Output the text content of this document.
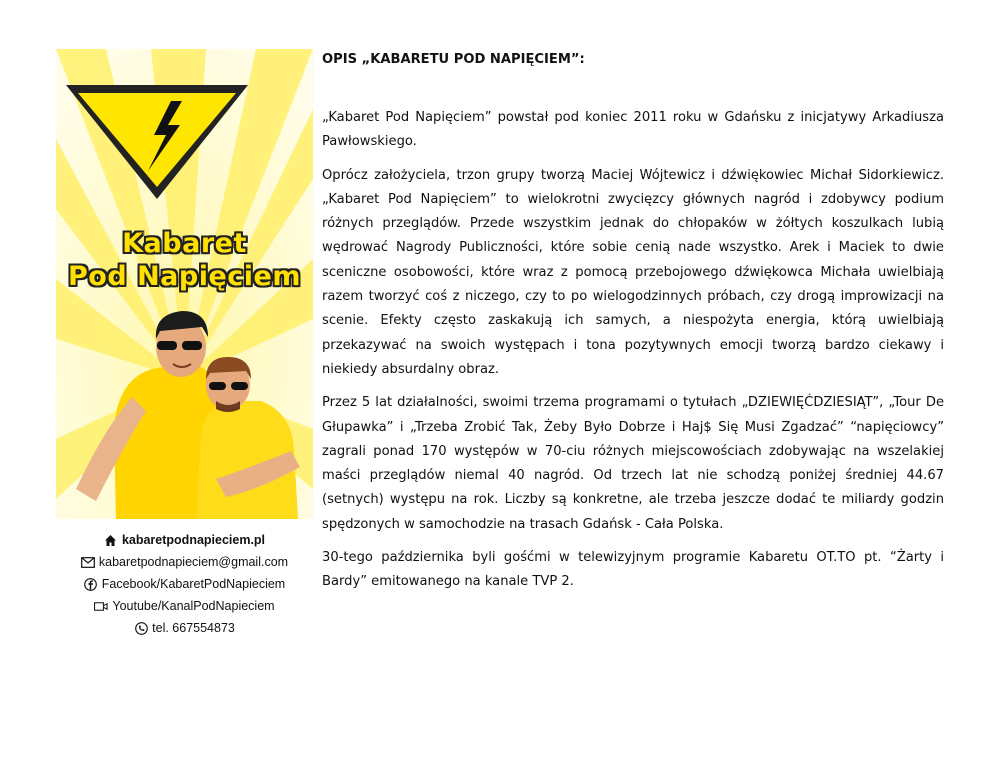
Kabaret
Pod Napięciem
kabaretpodnapieciem.pl
kabaretpodnapieciem@gmail.com
Facebook/KabaretPodNapieciem
Youtube/KanalPodNapieciem
tel. 667554873
OPIS „KABARETU POD NAPIĘCIEM”:

„Kabaret Pod Napięciem” powstał pod koniec 2011 roku w Gdańsku z inicjatywy Arkadiusza Pawłowskiego.

Oprócz założyciela, trzon grupy tworzą Maciej Wójtewicz i dźwiękowiec Michał Sidorkiewicz. „Kabaret Pod Napięciem” to wielokrotni zwycięzcy głównych nagród i zdobywcy podium różnych przeglądów. Przede wszystkim jednak do chłopaków w żółtych koszulkach lubią wędrować Nagrody Publiczności, które sobie cenią nade wszystko. Arek i Maciek to dwie sceniczne osobowości, które wraz z pomocą przebojowego dźwiękowca Michała uwielbiają razem tworzyć coś z niczego, czy to po wielogodzinnych próbach, czy drogą improwizacji na scenie. Efekty często zaskakują ich samych, a niespożyta energia, którą uwielbiają przekazywać na swoich występach i tona pozytywnych emocji tworzą bardzo ciekawy i niekiedy absurdalny obraz.

Przez 5 lat działalności, swoimi trzema programami o tytułach „DZIEWIĘĆDZIESIĄT”, „Tour De Głupawka” i „Trzeba Zrobić Tak, Żeby Było Dobrze i Haj$ Się Musi Zgadzać” “napięciowcy” zagrali ponad 170 występów w 70-ciu różnych miejscowościach zdobywając na wszelakiej maści przeglądów niemal 40 nagród. Od trzech lat nie schodzą poniżej średniej 44.67 (setnych) występu na rok. Liczby są konkretne, ale trzeba jeszcze dodać te miliardy godzin spędzonych w samochodzie na trasach Gdańsk - Cała Polska.

30-tego października byli gośćmi w telewizyjnym programie Kabaretu OT.TO pt. “Żarty i Bardy” emitowanego na kanale TVP 2.
